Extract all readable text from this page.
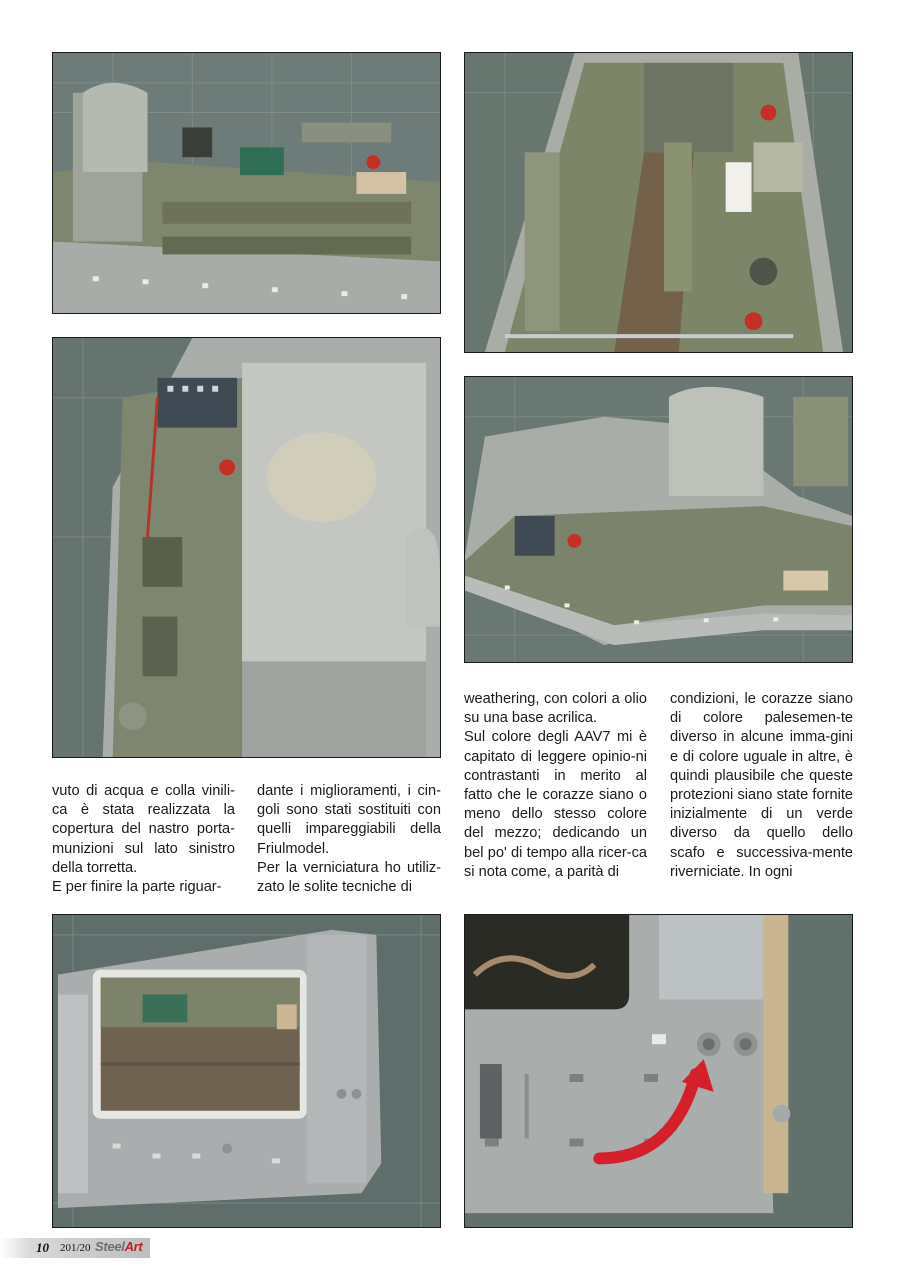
vuto di acqua e colla vinili-ca è stata realizzata la copertura del nastro porta-munizioni sul lato sinistro della torretta.

E per finire la parte riguar-

dante i miglioramenti, i cin-goli sono stati sostituiti con quelli impareggiabili della Friulmodel.

Per la verniciatura ho utiliz-zato le solite tecniche di

weathering, con colori a olio su una base acrilica.

Sul colore degli AAV7 mi è capitato di leggere opinio-ni contrastanti in merito al fatto che le corazze siano o meno dello stesso colore del mezzo; dedicando un bel po' di tempo alla ricer-ca si nota come, a parità di

condizioni, le corazze siano di colore palesemen-te diverso in alcune imma-gini e di colore uguale in altre, è quindi plausibile che queste protezioni siano state fornite inizialmente di un verde diverso da quello dello scafo e successiva-mente riverniciate. In ogni

10 201/20 SteelArt
